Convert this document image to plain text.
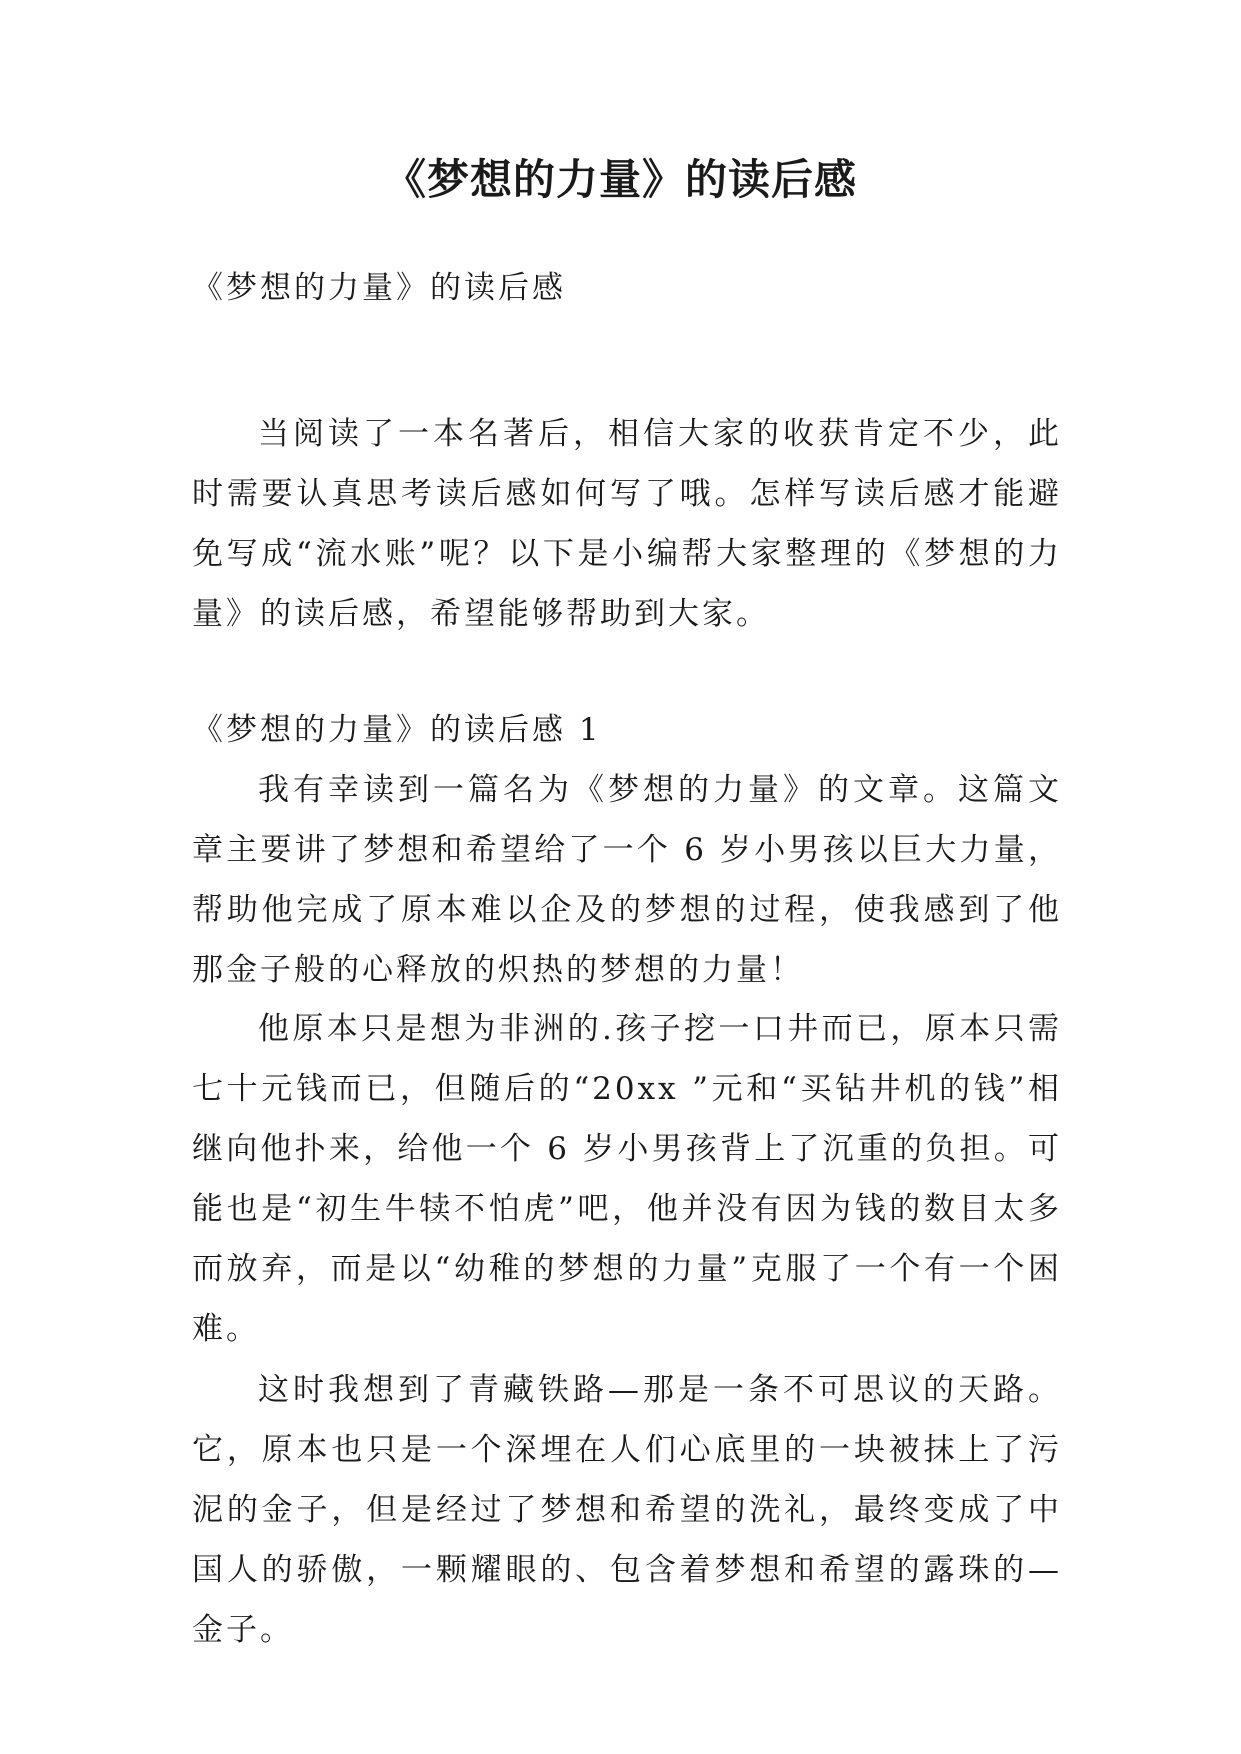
《梦想的力量》的读后感

《梦想的力量》的读后感

当阅读了一本名著后，相信大家的收获肯定不少，此时需要认真思考读后感如何写了哦。怎样写读后感才能避免写成“流水账”呢？以下是小编帮大家整理的《梦想的力量》的读后感，希望能够帮助到大家。

《梦想的力量》的读后感 1

我有幸读到一篇名为《梦想的力量》的文章。这篇文章主要讲了梦想和希望给了一个 6 岁小男孩以巨大力量，帮助他完成了原本难以企及的梦想的过程，使我感到了他那金子般的心释放的炽热的梦想的力量！

他原本只是想为非洲的.孩子挖一口井而已，原本只需七十元钱而已，但随后的“20xx ”元和“买钻井机的钱”相继向他扑来，给他一个 6 岁小男孩背上了沉重的负担。可能也是“初生牛犊不怕虎”吧，他并没有因为钱的数目太多而放弃，而是以“幼稚的梦想的力量”克服了一个有一个困难。

这时我想到了青藏铁路—那是一条不可思议的天路。它，原本也只是一个深埋在人们心底里的一块被抹上了污泥的金子，但是经过了梦想和希望的洗礼，最终变成了中国人的骄傲，一颗耀眼的、包含着梦想和希望的露珠的—金子。
